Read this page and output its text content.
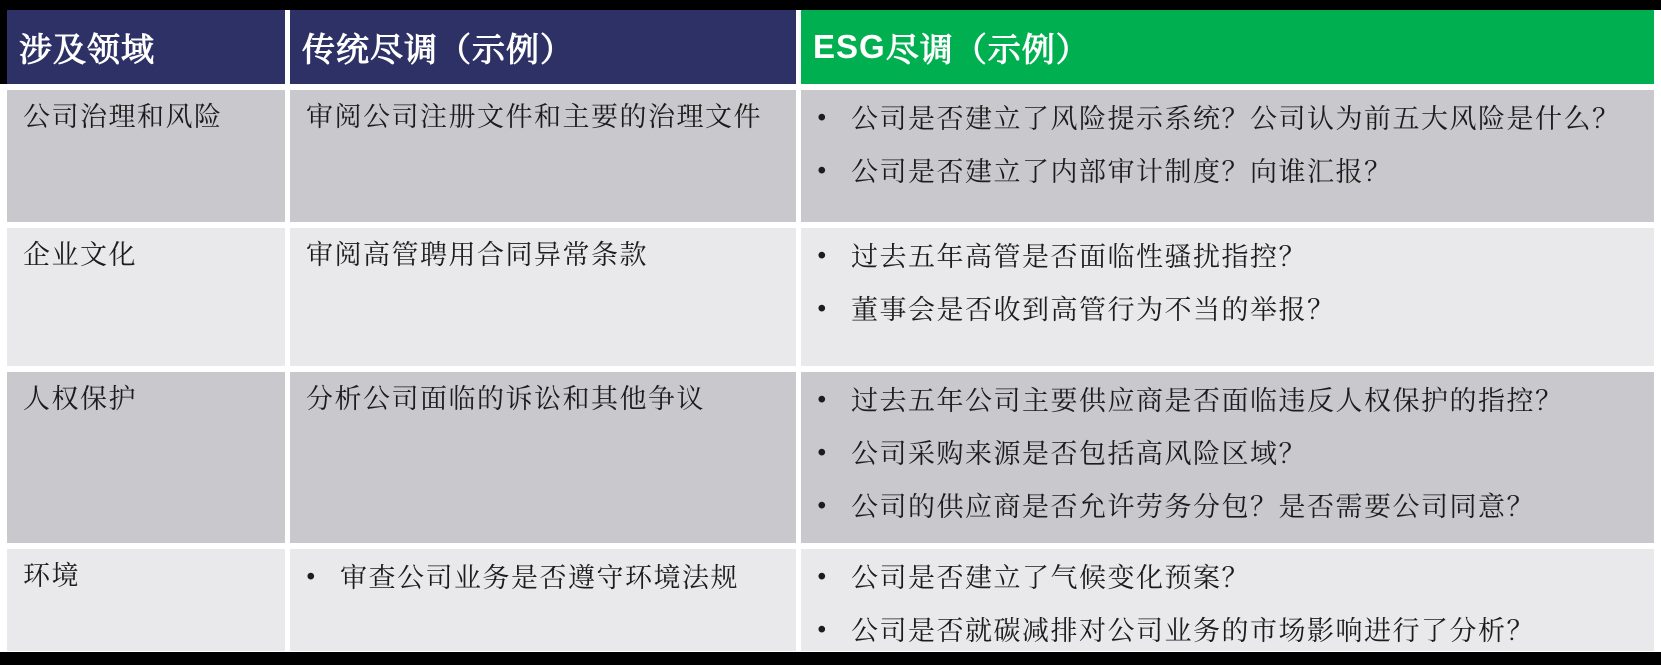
涉及领域	传统尽调（示例）	ESG 尽调（示例）
公司治理和风险	审阅公司注册文件和主要的治理文件	• 公司是否建立了风险提示系统？公司认为前五大风险是什么？
• 公司是否建立了内部审计制度？向谁汇报？
企业文化	审阅高管聘用合同异常条款	• 过去五年高管是否面临性骚扰指控？
• 董事会是否收到高管行为不当的举报？
人权保护	分析公司面临的诉讼和其他争议	• 过去五年公司主要供应商是否面临违反人权保护的指控？
• 公司采购来源是否包括高风险区域？
• 公司的供应商是否允许劳务分包？是否需要公司同意？
环境	• 审查公司业务是否遵守环境法规	• 公司是否建立了气候变化预案？
• 公司是否就碳减排对公司业务的市场影响进行了分析？
